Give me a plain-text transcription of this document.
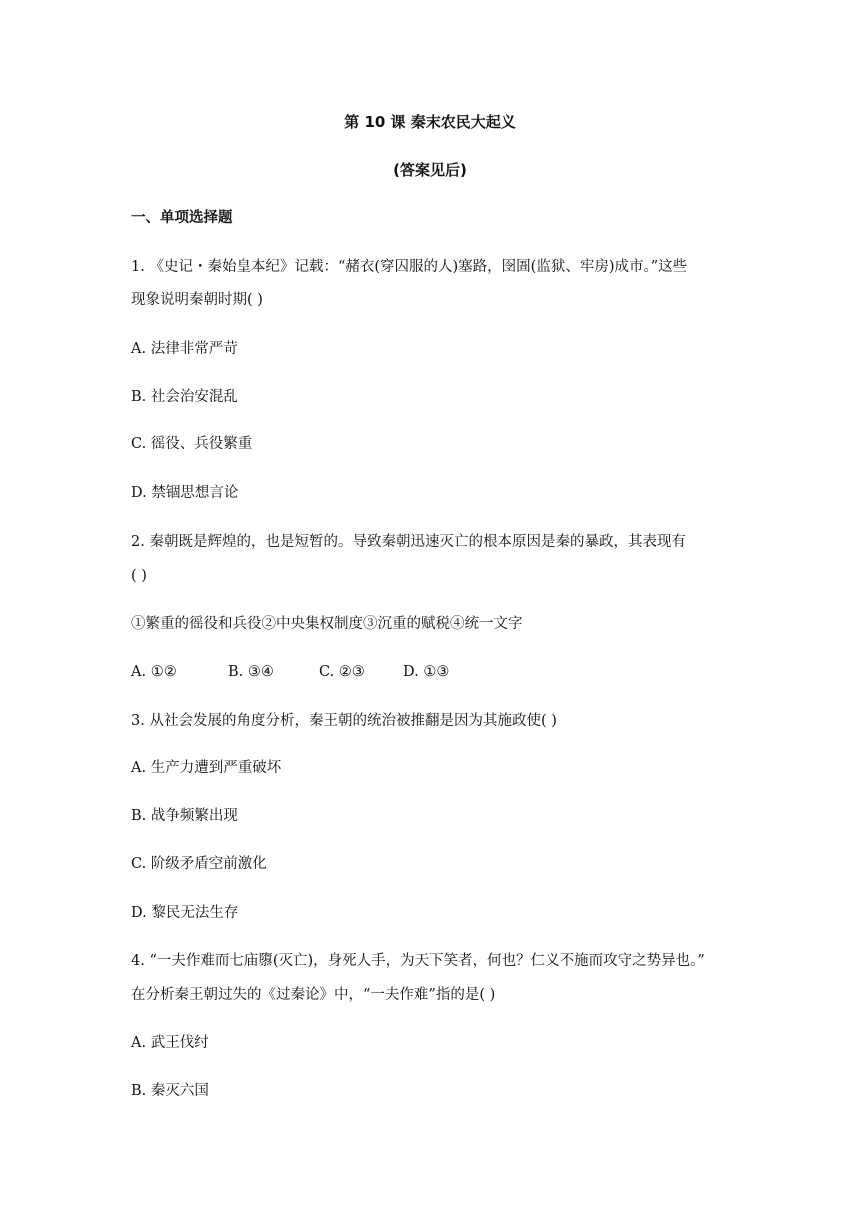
第 10 课 秦末农民大起义
(答案见后)
一、单项选择题
1. 《史记・秦始皇本纪》记载：“赭衣(穿囚服的人)塞路，囹圄(监狱、牢房)成市。”这些
现象说明秦朝时期( )
A. 法律非常严苛
B. 社会治安混乱
C. 徭役、兵役繁重
D. 禁锢思想言论
2. 秦朝既是辉煌的，也是短暂的。导致秦朝迅速灭亡的根本原因是秦的暴政，其表现有
( )
①繁重的徭役和兵役②中央集权制度③沉重的赋税④统一文字
A. ①②	B. ③④	C. ②③	D. ①③
3. 从社会发展的角度分析，秦王朝的统治被推翻是因为其施政使( )
A. 生产力遭到严重破坏
B. 战争频繁出现
C. 阶级矛盾空前激化
D. 黎民无法生存
4. “一夫作难而七庙隳(灭亡)，身死人手，为天下笑者，何也？仁义不施而攻守之势异也。”
在分析秦王朝过失的《过秦论》中，“一夫作难”指的是( )
A. 武王伐纣
B. 秦灭六国
